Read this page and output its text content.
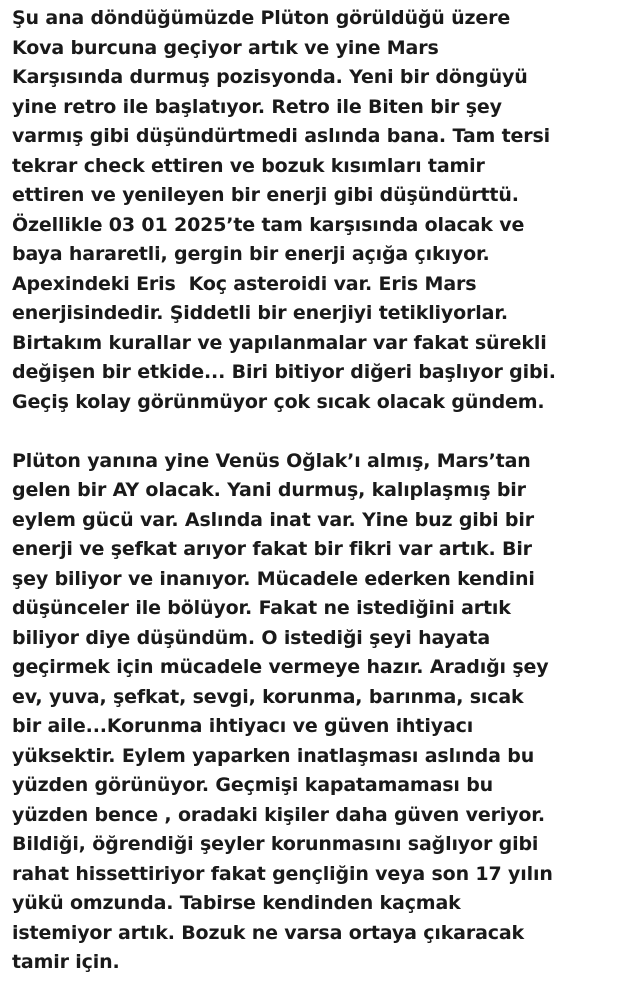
Şu ana döndüğümüzde Plüton görüldüğü üzere
Kova burcuna geçiyor artık ve yine Mars
Karşısında durmuş pozisyonda. Yeni bir döngüyü
yine retro ile başlatıyor. Retro ile Biten bir şey
varmış gibi düşündürtmedi aslında bana. Tam tersi
tekrar check ettiren ve bozuk kısımları tamir
ettiren ve yenileyen bir enerji gibi düşündürttü.
Özellikle 03 01 2025’te tam karşısında olacak ve
baya hararetli, gergin bir enerji açığa çıkıyor.
Apexindeki Eris  Koç asteroidi var. Eris Mars
enerjisindedir. Şiddetli bir enerjiyi tetikliyorlar.
Birtakım kurallar ve yapılanmalar var fakat sürekli
değişen bir etkide... Biri bitiyor diğeri başlıyor gibi.
Geçiş kolay görünmüyor çok sıcak olacak gündem.
Plüton yanına yine Venüs Oğlak’ı almış, Mars’tan
gelen bir AY olacak. Yani durmuş, kalıplaşmış bir
eylem gücü var. Aslında inat var. Yine buz gibi bir
enerji ve şefkat arıyor fakat bir fikri var artık. Bir
şey biliyor ve inanıyor. Mücadele ederken kendini
düşünceler ile bölüyor. Fakat ne istediğini artık
biliyor diye düşündüm. O istediği şeyi hayata
geçirmek için mücadele vermeye hazır. Aradığı şey
ev, yuva, şefkat, sevgi, korunma, barınma, sıcak
bir aile...Korunma ihtiyacı ve güven ihtiyacı
yüksektir. Eylem yaparken inatlaşması aslında bu
yüzden görünüyor. Geçmişi kapatamaması bu
yüzden bence , oradaki kişiler daha güven veriyor.
Bildiği, öğrendiği şeyler korunmasını sağlıyor gibi
rahat hissettiriyor fakat gençliğin veya son 17 yılın
yükü omzunda. Tabirse kendinden kaçmak
istemiyor artık. Bozuk ne varsa ortaya çıkaracak
tamir için.
